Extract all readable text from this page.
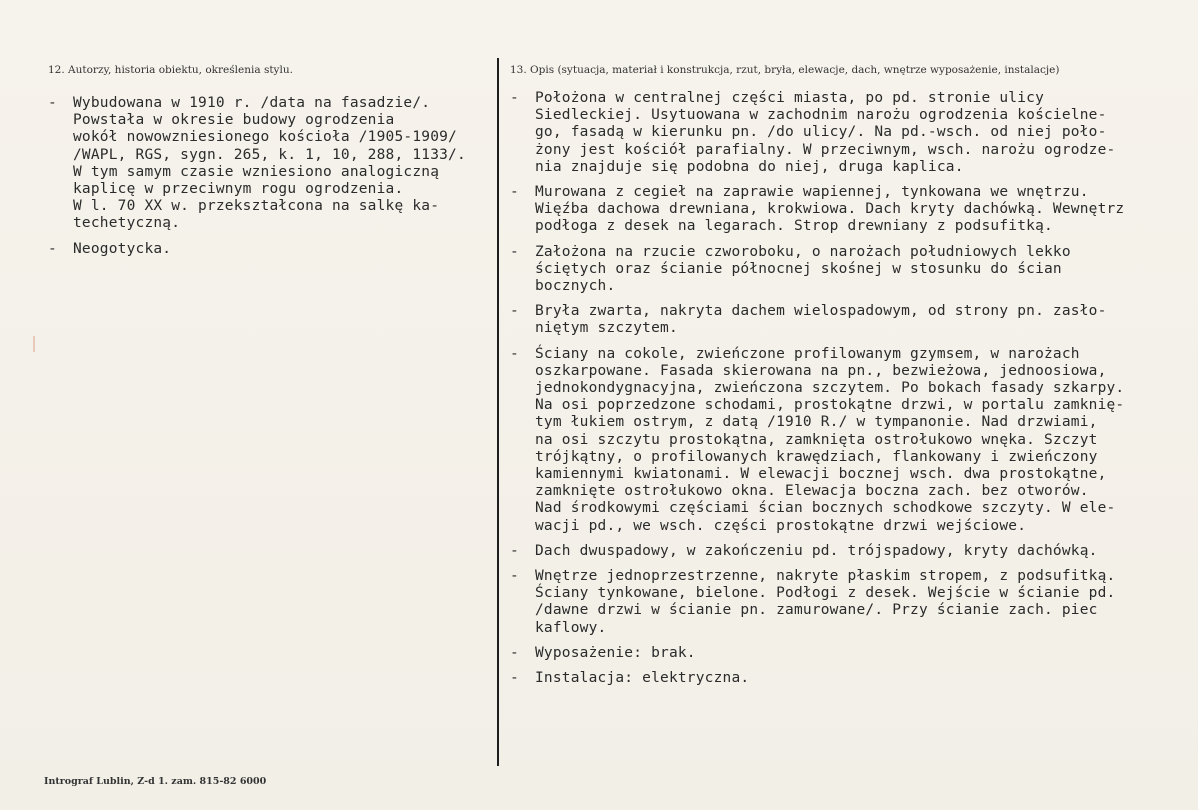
12. Autorzy, historia obiektu, określenia stylu.	13. Opis (sytuacja, materiał i konstrukcja, rzut, bryła, elewacje, dach, wnętrze wyposażenie, instalacje)
-	Wybudowana w 1910 r. /data na fasadzie/.
Powstała w okresie budowy ogrodzenia
wokół nowowzniesionego kościoła /1905-1909/
/WAPL, RGS, sygn. 265, k. 1, 10, 288, 1133/.
W tym samym czasie wzniesiono analogiczną
kaplicę w przeciwnym rogu ogrodzenia.
W l. 70 XX w. przekształcona na salkę ka-
techetyczną.
-	Neogotycka.
-	Położona w centralnej części miasta, po pd. stronie ulicy
Siedleckiej. Usytuowana w zachodnim narożu ogrodzenia kościelne-
go, fasadą w kierunku pn. /do ulicy/. Na pd.-wsch. od niej poło-
żony jest kościół parafialny. W przeciwnym, wsch. narożu ogrodze-
nia znajduje się podobna do niej, druga kaplica.
-	Murowana z cegieł na zaprawie wapiennej, tynkowana we wnętrzu.
Więźba dachowa drewniana, krokwiowa. Dach kryty dachówką. Wewnętrz
podłoga z desek na legarach. Strop drewniany z podsufitką.
-	Założona na rzucie czworoboku, o narożach południowych lekko
ściętych oraz ścianie północnej skośnej w stosunku do ścian
bocznych.
-	Bryła zwarta, nakryta dachem wielospadowym, od strony pn. zasło-
niętym szczytem.
-	Ściany na cokole, zwieńczone profilowanym gzymsem, w narożach
oszkarpowane. Fasada skierowana na pn., bezwieżowa, jednoosiowa,
jednokondygnacyjna, zwieńczona szczytem. Po bokach fasady szkarpy.
Na osi poprzedzone schodami, prostokątne drzwi, w portalu zamknię-
tym łukiem ostrym, z datą /1910 R./ w tympanonie. Nad drzwiami,
na osi szczytu prostokątna, zamknięta ostrołukowo wnęka. Szczyt
trójkątny, o profilowanych krawędziach, flankowany i zwieńczony
kamiennymi kwiatonami. W elewacji bocznej wsch. dwa prostokątne,
zamknięte ostrołukowo okna. Elewacja boczna zach. bez otworów.
Nad środkowymi częściami ścian bocznych schodkowe szczyty. W ele-
wacji pd., we wsch. części prostokątne drzwi wejściowe.
-	Dach dwuspadowy, w zakończeniu pd. trójspadowy, kryty dachówką.
-	Wnętrze jednoprzestrzenne, nakryte płaskim stropem, z podsufitką.
Ściany tynkowane, bielone. Podłogi z desek. Wejście w ścianie pd.
/dawne drzwi w ścianie pn. zamurowane/. Przy ścianie zach. piec
kaflowy.
-	Wyposażenie: brak.
-	Instalacja: elektryczna.
Intrograf Lublin, Z-d 1. zam. 815-82 6000
